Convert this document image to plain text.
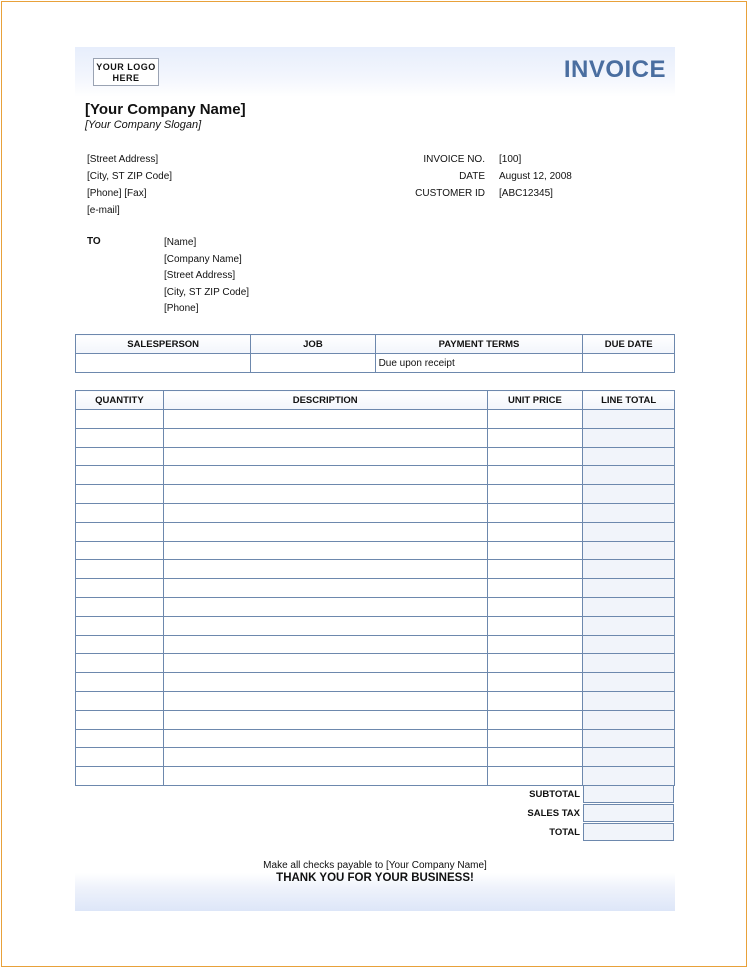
YOUR LOGO
HERE	INVOICE
[Your Company Name]
[Your Company Slogan]
[Street Address]
[City, ST ZIP Code]
[Phone] [Fax]
[e-mail]
INVOICE NO. [100]
DATE August 12, 2008
CUSTOMER ID [ABC12345]
TO	[Name]
[Company Name]
[Street Address]
[City, ST ZIP Code]
[Phone]
SALESPERSON	JOB	PAYMENT TERMS	DUE DATE
		Due upon receipt	
QUANTITY	DESCRIPTION	UNIT PRICE	LINE TOTAL

SUBTOTAL
SALES TAX
TOTAL
Make all checks payable to [Your Company Name]
THANK YOU FOR YOUR BUSINESS!
